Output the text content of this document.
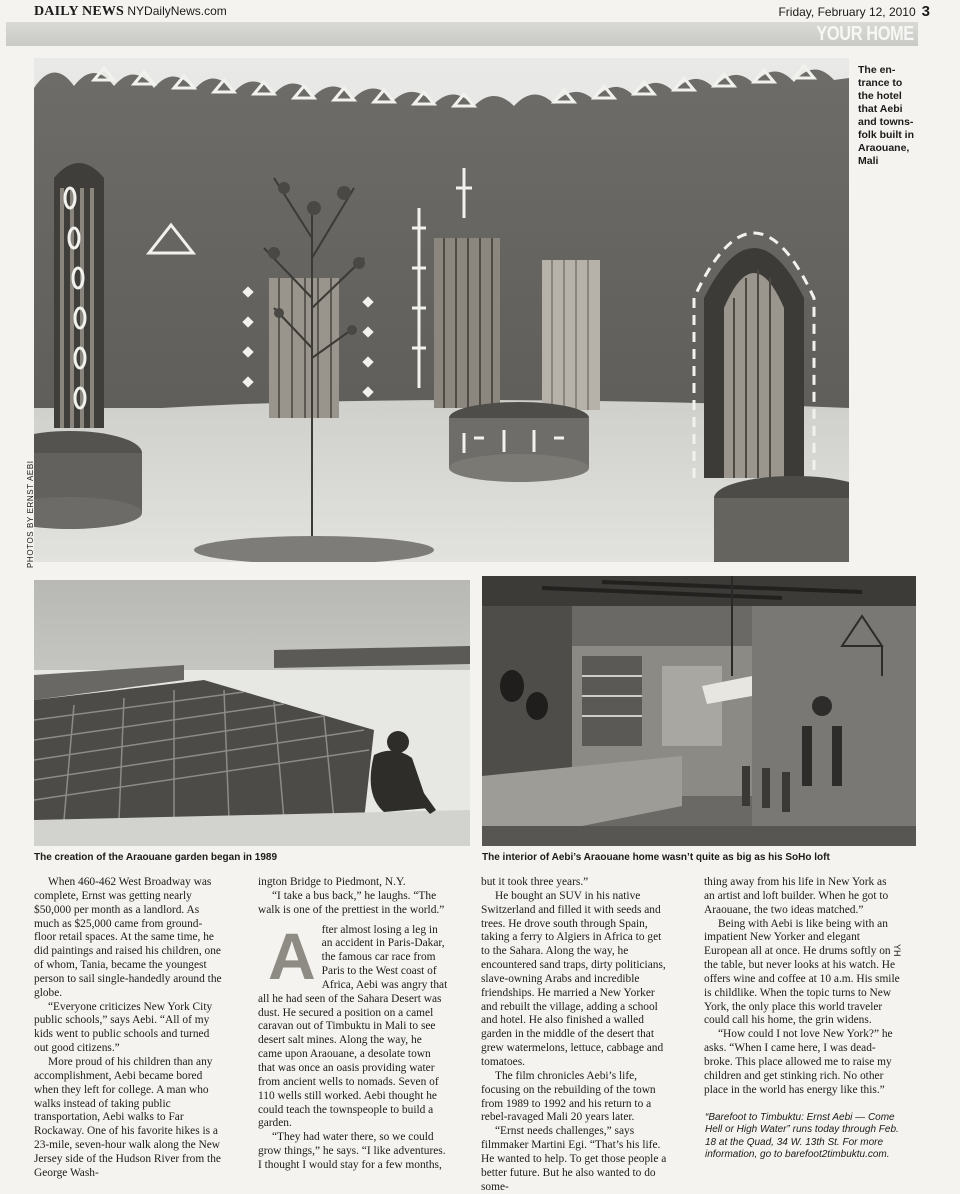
DAILY NEWS NYDailyNews.com	Friday, February 12, 2010 3
YOUR HOME
PHOTOS BY ERNST AEBI
The en-
trance to
the hotel
that Aebi
and towns-
folk built in
Araouane,
Mali
The creation of the Araouane garden began in 1989	The interior of Aebi’s Araouane home wasn’t quite as big as his SoHo loft

When 460-462 West Broadway was complete, Ernst was getting nearly $50,000 per month as a landlord. As much as $25,000 came from ground-floor retail spaces. At the same time, he did paintings and raised his children, one of whom, Tania, became the youngest person to sail single-handedly around the globe.

“Everyone criticizes New York City public schools,” says Aebi. “All of my kids went to public schools and turned out good citizens.”

More proud of his children than any accomplishment, Aebi became bored when they left for college. A man who walks instead of taking public transportation, Aebi walks to Far Rockaway. One of his favorite hikes is a 23-mile, seven-hour walk along the New Jersey side of the Hudson River from the George Wash-

ington Bridge to Piedmont, N.Y.

“I take a bus back,” he laughs. “The walk is one of the prettiest in the world.”

After almost losing a leg in an accident in Paris-Dakar, the famous car race from Paris to the West coast of Africa, Aebi was angry that all he had seen of the Sahara Desert was dust. He secured a position on a camel caravan out of Timbuktu in Mali to see desert salt mines. Along the way, he came upon Araouane, a desolate town that was once an oasis providing water from ancient wells to nomads. Seven of 110 wells still worked. Aebi thought he could teach the townspeople to build a garden.

“They had water there, so we could grow things,” he says. “I like adventures. I thought I would stay for a few months,

but it took three years.”

He bought an SUV in his native Switzerland and filled it with seeds and trees. He drove south through Spain, taking a ferry to Algiers in Africa to get to the Sahara. Along the way, he encountered sand traps, dirty politicians, slave-owning Arabs and incredible friendships. He married a New Yorker and rebuilt the village, adding a school and hotel. He also finished a walled garden in the middle of the desert that grew watermelons, lettuce, cabbage and tomatoes.

The film chronicles Aebi’s life, focusing on the rebuilding of the town from 1989 to 1992 and his return to a rebel-ravaged Mali 20 years later.

“Ernst needs challenges,” says filmmaker Martini Egi. “That’s his life. He wanted to help. To get those people a better future. But he also wanted to do some-

thing away from his life in New York as an artist and loft builder. When he got to Araouane, the two ideas matched.”

Being with Aebi is like being with an impatient New Yorker and elegant European all at once. He drums softly on the table, but never looks at his watch. He offers wine and coffee at 10 a.m. His smile is childlike. When the topic turns to New York, the only place this world traveler could call his home, the grin widens.

“How could I not love New York?” he asks. “When I came here, I was dead-broke. This place allowed me to raise my children and get stinking rich. No other place in the world has energy like this.”

“Barefoot to Timbuktu: Ernst Aebi — Come Hell or High Water” runs today through Feb. 18 at the Quad, 34 W. 13th St. For more information, go to barefoot2timbuktu.com.
YH
